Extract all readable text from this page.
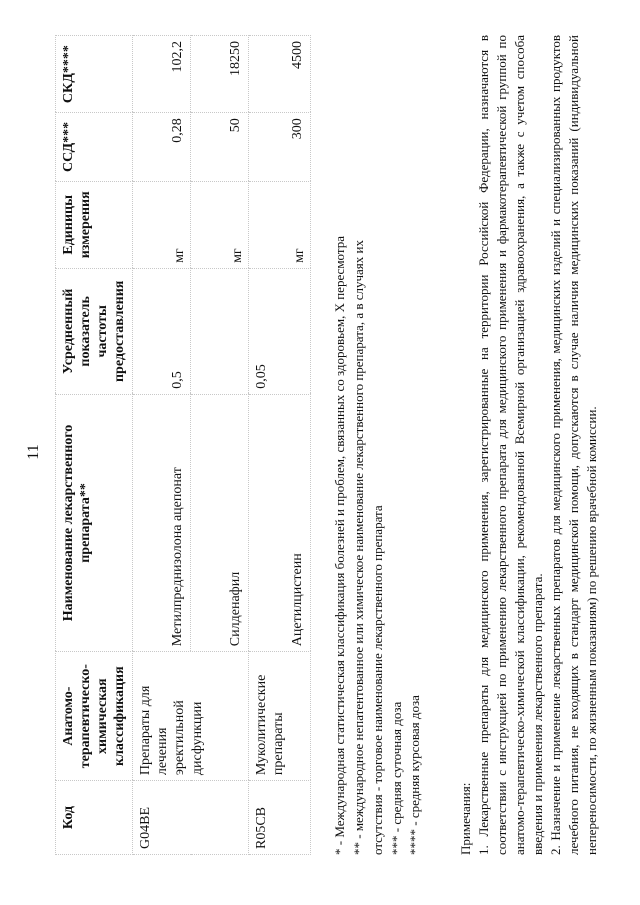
11
Код	Анатомо-терапевтическо-химическая классификация	Наименование лекарственного препарата**	Усредненный показатель частоты предоставления	Единицы измерения	ССД***	СКД****
G04BE	Препараты для лечения эректильной дисфункции	Метилпреднизолона ацепонат	0,5	мг	0,28	102,2
		Силденафил		мг	50	18250
R05CB	Муколитические препараты	Ацетилцистеин	0,05	мг	300	4500
* - Международная статистическая классификация болезней и проблем, связанных со здоровьем, X пересмотра ** - международное непатентованное или химическое наименование лекарственного препарата, а в случаях их отсутствия - торговое наименование лекарственного препарата *** - средняя суточная доза **** - средняя курсовая доза	Примечания: 1. Лекарственные препараты для медицинского применения, зарегистрированные на территории Российской Федерации, назначаются в соответствии с инструкцией по применению лекарственного препарата для медицинского применения и фармакотерапевтической группой по анатомо-терапевтическо-химической классификации, рекомендованной Всемирной организацией здравоохранения, а также с учетом способа введения и применения лекарственного препарата. 2. Назначение и применение лекарственных препаратов для медицинского применения, медицинских изделий и специализированных продуктов лечебного питания, не входящих в стандарт медицинской помощи, допускаются в случае наличия медицинских показаний (индивидуальной непереносимости, по жизненным показаниям) по решению врачебной комиссии.
